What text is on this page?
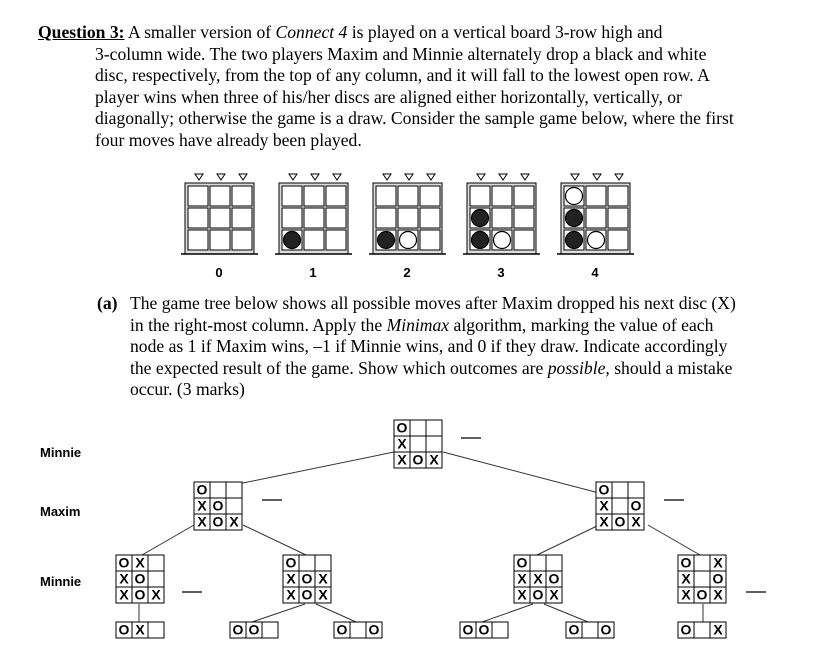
Question 3: A smaller version of Connect 4 is played on a vertical board 3-row high and
3-column wide. The two players Maxim and Minnie alternately drop a black and white disc, respectively, from the top of any column, and it will fall to the lowest open row. A player wins when three of his/her discs are aligned either horizontally, vertically, or diagonally; otherwise the game is a draw. Consider the sample game below, where the first four moves have already been played.
0	1	2	3	4
(a) The game tree below shows all possible moves after Maxim dropped his next disc (X) in the right-most column. Apply the Minimax algorithm, marking the value of each node as 1 if Maxim wins, –1 if Minnie wins, and 0 if they draw. Indicate accordingly the expected result of the game. Show which outcomes are possible, should a mistake occur. (3 marks)
Minnie
Maxim
Minnie
O
X
X O X
O
X O
X O X
O
X O
X O X
O X
X O
X O X
O
X O X
X O X
O
X X O
X O X
O X
X O
X O X
O X	O O	O O	O O	O O	O X
